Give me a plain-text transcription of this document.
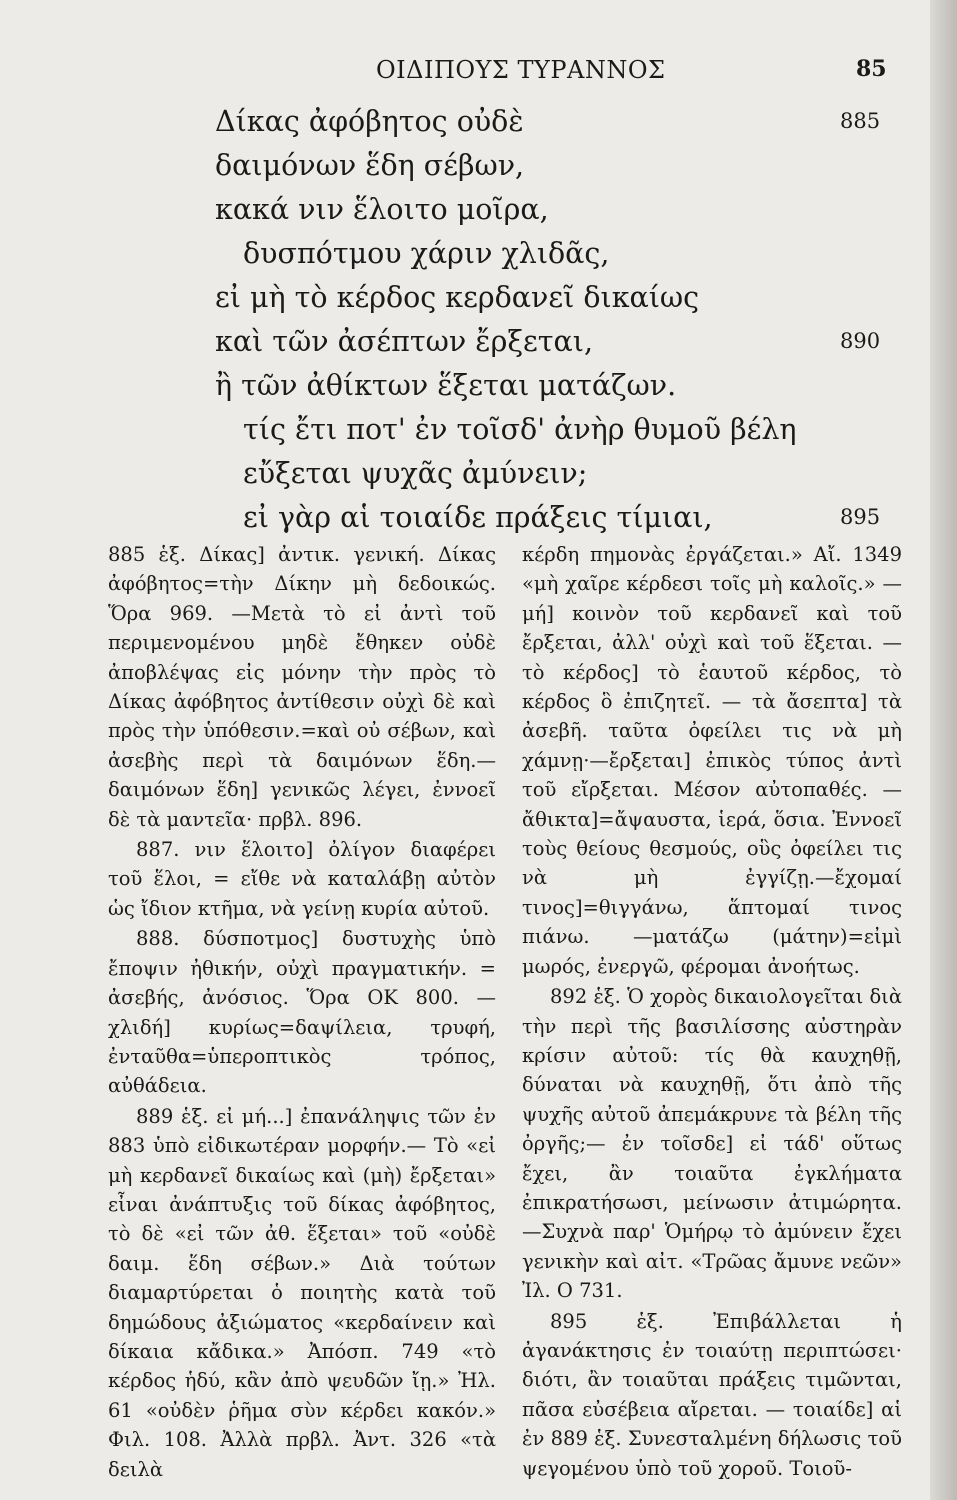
ΟΙΔΙΠΟΥΣ ΤΥΡΑΝΝΟΣ	85
Δίκας ἀφόβητος οὐδὲ
δαιμόνων ἕδη σέβων,
κακά νιν ἕλοιτο μοῖρα,
δυσπότμου χάριν χλιδᾶς,
εἰ μὴ τὸ κέρδος κερδανεῖ δικαίως
καὶ τῶν ἀσέπτων ἔρξεται,
ἢ τῶν ἀθίκτων ἕξεται ματάζων.
τίς ἔτι ποτ' ἐν τοῖσδ' ἀνὴρ θυμοῦ βέλη
εὔξεται ψυχᾶς ἀμύνειν;
εἰ γὰρ αἱ τοιαίδε πράξεις τίμιαι,
885
890
895

885 ἑξ. Δίκας] ἀντικ. γενική. Δίκας ἀφόβητος=τὴν Δίκην μὴ δεδοικώς. Ὅρα 969. —Μετὰ τὸ εἰ ἀντὶ τοῦ περιμενομένου μηδὲ ἔθηκεν οὐδὲ ἀποβλέψας εἰς μόνην τὴν πρὸς τὸ Δίκας ἀφόβητος ἀντίθεσιν οὐχὶ δὲ καὶ πρὸς τὴν ὑπόθεσιν.=καὶ οὐ σέβων, καὶ ἀσεβὴς περὶ τὰ δαιμόνων ἕδη.—δαιμόνων ἕδη] γενικῶς λέγει, ἐννοεῖ δὲ τὰ μαντεῖα· πρβλ. 896.

887. νιν ἕλοιτο] ὀλίγον διαφέρει τοῦ ἕλοι, = εἴθε νὰ καταλάβῃ αὐτὸν ὡς ἴδιον κτῆμα, νὰ γείνῃ κυρία αὐτοῦ.

888. δύσποτμος] δυστυχὴς ὑπὸ ἔποψιν ἠθικήν, οὐχὶ πραγματικήν. = ἀσεβής, ἀνόσιος. Ὅρα ΟΚ 800. —χλιδή] κυρίως=δαψίλεια, τρυφή, ἐνταῦθα=ὑπεροπτικὸς τρόπος, αὐθάδεια.

889 ἑξ. εἰ μή...] ἐπανάληψις τῶν ἐν 883 ὑπὸ εἰδικωτέραν μορφήν.— Τὸ «εἰ μὴ κερδανεῖ δικαίως καὶ (μὴ) ἔρξεται» εἶναι ἀνάπτυξις τοῦ δίκας ἀφόβητος, τὸ δὲ «εἰ τῶν ἀθ. ἕξεται» τοῦ «οὐδὲ δαιμ. ἕδη σέβων.» Διὰ τούτων διαμαρτύρεται ὁ ποιητὴς κατὰ τοῦ δημώδους ἀξιώματος «κερδαίνειν καὶ δίκαια κἄδικα.» Ἀπόσπ. 749 «τὸ κέρδος ἡδύ, κἂν ἀπὸ ψευδῶν ἴῃ.» Ἠλ. 61 «οὐδὲν ῥῆμα σὺν κέρδει κακόν.» Φιλ. 108. Ἀλλὰ πρβλ. Ἀντ. 326 «τὰ δειλὰ

κέρδη πημονὰς ἐργάζεται.» Αἴ. 1349 «μὴ χαῖρε κέρδεσι τοῖς μὴ καλοῖς.» —μή] κοινὸν τοῦ κερδανεῖ καὶ τοῦ ἔρξεται, ἀλλ' οὐχὶ καὶ τοῦ ἕξεται. —τὸ κέρδος] τὸ ἑαυτοῦ κέρδος, τὸ κέρδος ὃ ἐπιζητεῖ. — τὰ ἄσεπτα] τὰ ἀσεβῆ. ταῦτα ὀφείλει τις νὰ μὴ χάμνῃ·—ἔρξεται] ἐπικὸς τύπος ἀντὶ τοῦ εἴρξεται. Μέσον αὐτοπαθές. — ἄθικτα]=ἄψαυστα, ἱερά, ὅσια. Ἐννοεῖ τοὺς θείους θεσμούς, οὓς ὀφείλει τις νὰ μὴ ἐγγίζῃ.—ἔχομαί τινος]=θιγγάνω, ἅπτομαί τινος πιάνω. —ματάζω (μάτην)=εἰμὶ μωρός, ἐνεργῶ, φέρομαι ἀνοήτως.

892 ἑξ. Ὁ χορὸς δικαιολογεῖται διὰ τὴν περὶ τῆς βασιλίσσης αὐστηρὰν κρίσιν αὐτοῦ: τίς θὰ καυχηθῇ, δύναται νὰ καυχηθῇ, ὅτι ἀπὸ τῆς ψυχῆς αὐτοῦ ἀπεμάκρυνε τὰ βέλη τῆς ὀργῆς;— ἐν τοῖσδε] εἰ τάδ' οὕτως ἔχει, ἂν τοιαῦτα ἐγκλήματα ἐπικρατήσωσι, μείνωσιν ἀτιμώρητα.—Συχνὰ παρ' Ὁμήρῳ τὸ ἀμύνειν ἔχει γενικὴν καὶ αἰτ. «Τρῶας ἄμυνε νεῶν» Ἰλ. Ο 731.

895 ἑξ. Ἐπιβάλλεται ἡ ἀγανάκτησις ἐν τοιαύτῃ περιπτώσει· διότι, ἂν τοιαῦται πράξεις τιμῶνται, πᾶσα εὐσέβεια αἴρεται. — τοιαίδε] αἱ ἐν 889 ἑξ. Συνεσταλμένη δήλωσις τοῦ ψεγομένου ὑπὸ τοῦ χοροῦ. Τοιοῦ-
